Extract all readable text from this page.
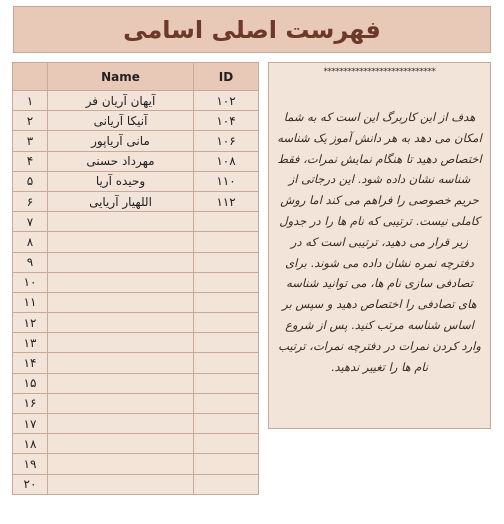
فهرست اصلی اسامی
	Name	ID
۱	آیهان آریان فر	۱۰۲
۲	آنیکا آریانی	۱۰۴
۳	مانی آریاپور	۱۰۶
۴	مهرداد حسنی	۱۰۸
۵	وحیده آریا	۱۱۰
۶	اللهیار آریایی	۱۱۲
۷		
۸		
۹		
۱۰		
۱۱		
۱۲		
۱۳		
۱۴		
۱۵		
۱۶		
۱۷		
۱۸		
۱۹		
۲۰		
****************************
هدف از این کاربرگ این است که به شما امکان می دهد به هر دانش آموز یک شناسه اختصاص دهید تا هنگام نمایش نمرات، فقط شناسه نشان داده شود. این درجاتی از حریم خصوصی را فراهم می کند اما روش کاملی نیست. ترتیبی که نام ها را در جدول زیر قرار می دهید، ترتیبی است که در دفترچه نمره نشان داده می شوند. برای تصادفی سازی نام ها، می توانید شناسه های تصادفی را اختصاص دهید و سپس بر اساس شناسه مرتب کنید. پس از شروع وارد کردن نمرات در دفترچه نمرات، ترتیب نام ها را تغییر ندهید.
